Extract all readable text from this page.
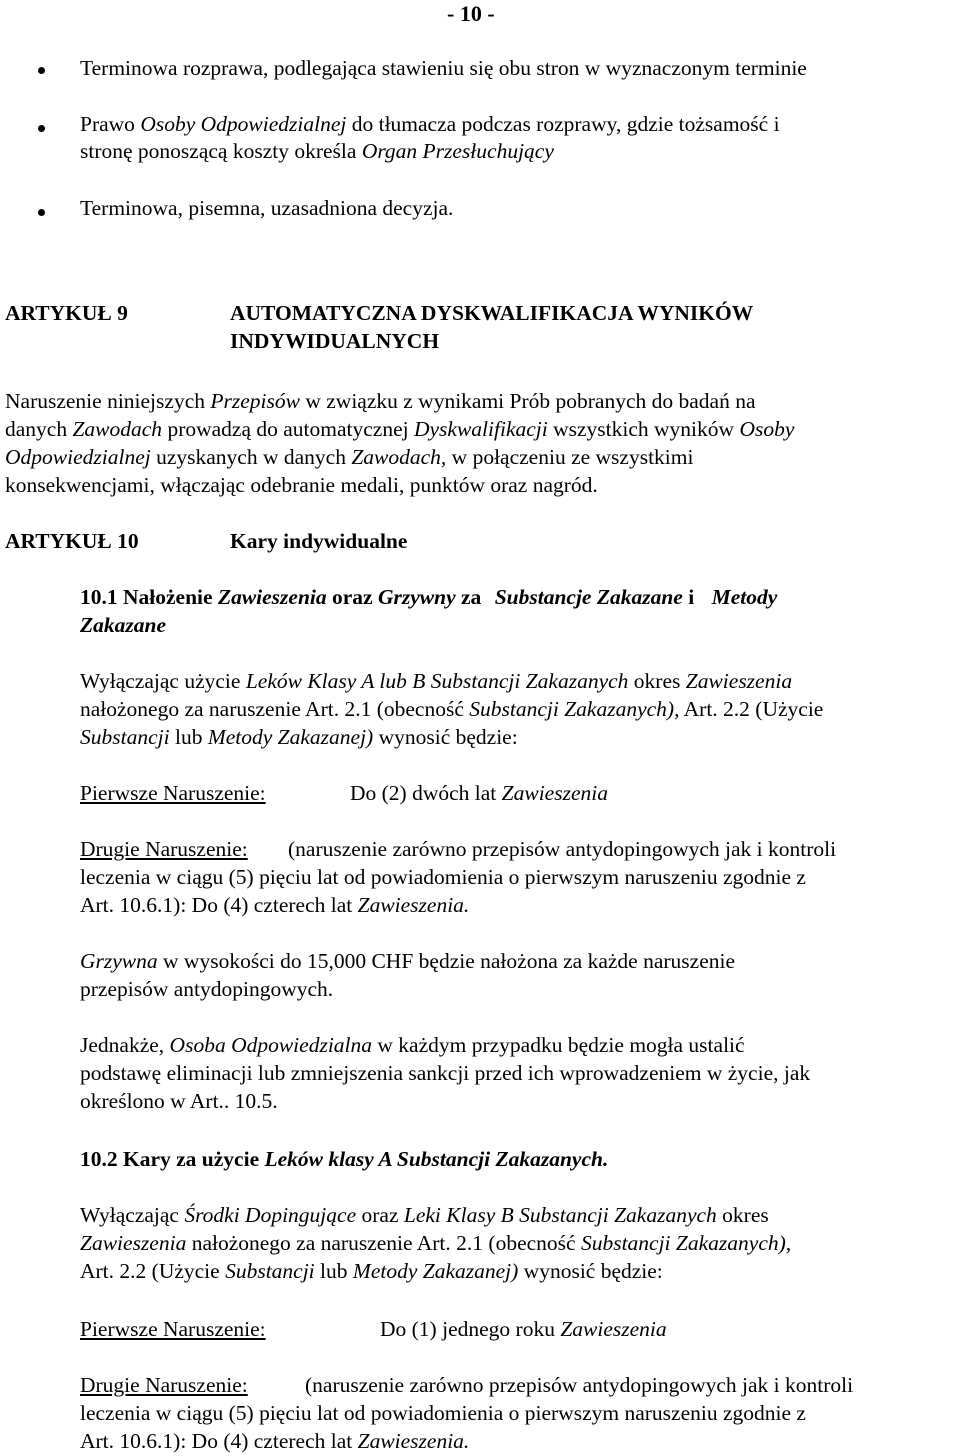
- 10 -
Terminowa rozprawa, podlegająca stawieniu się obu stron w wyznaczonym terminie
Prawo Osoby Odpowiedzialnej do tłumacza podczas rozprawy, gdzie tożsamość i
stronę ponoszącą koszty określa Organ Przesłuchujący
Terminowa, pisemna, uzasadniona decyzja.
ARTYKUŁ 9	AUTOMATYCZNA DYSKWALIFIKACJA WYNIKÓW
INDYWIDUALNYCH
Naruszenie niniejszych Przepisów w związku z wynikami Prób pobranych do badań na
danych Zawodach prowadzą do automatycznej Dyskwalifikacji wszystkich wyników Osoby
Odpowiedzialnej uzyskanych w danych Zawodach, w połączeniu ze wszystkimi
konsekwencjami, włączając odebranie medali, punktów oraz nagród.
ARTYKUŁ 10	Kary indywidualne
10.1 Nałożenie Zawieszenia oraz Grzywny za Substancje Zakazane i Metody
Zakazane
Wyłączając użycie Leków Klasy A lub B Substancji Zakazanych okres Zawieszenia
nałożonego za naruszenie Art. 2.1 (obecność Substancji Zakazanych), Art. 2.2 (Użycie
Substancji lub Metody Zakazanej) wynosić będzie:
Pierwsze Naruszenie:	Do (2) dwóch lat Zawieszenia
Drugie Naruszenie: (naruszenie zarówno przepisów antydopingowych jak i kontroli
leczenia w ciągu (5) pięciu lat od powiadomienia o pierwszym naruszeniu zgodnie z
Art. 10.6.1): Do (4) czterech lat Zawieszenia.
Grzywna w wysokości do 15,000 CHF będzie nałożona za każde naruszenie
przepisów antydopingowych.
Jednakże, Osoba Odpowiedzialna w każdym przypadku będzie mogła ustalić
podstawę eliminacji lub zmniejszenia sankcji przed ich wprowadzeniem w życie, jak
określono w Art.. 10.5.
10.2 Kary za użycie Leków klasy A Substancji Zakazanych.
Wyłączając Środki Dopingujące oraz Leki Klasy B Substancji Zakazanych okres
Zawieszenia nałożonego za naruszenie Art. 2.1 (obecność Substancji Zakazanych),
Art. 2.2 (Użycie Substancji lub Metody Zakazanej) wynosić będzie:
Pierwsze Naruszenie:	Do (1) jednego roku Zawieszenia
Drugie Naruszenie:	(naruszenie zarówno przepisów antydopingowych jak i kontroli
leczenia w ciągu (5) pięciu lat od powiadomienia o pierwszym naruszeniu zgodnie z
Art. 10.6.1): Do (4) czterech lat Zawieszenia.
